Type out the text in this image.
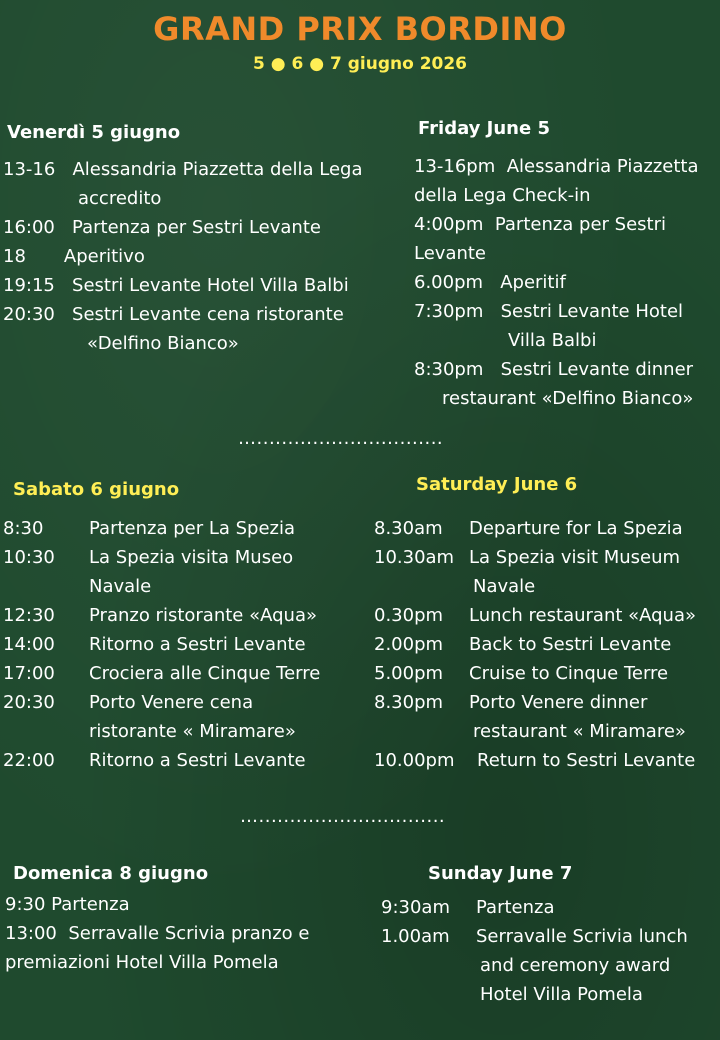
GRAND PRIX BORDINO
5 ● 6 ● 7 giugno 2026
Venerdì 5 giugno	Friday June 5
13-16 Alessandria Piazzetta della Lega
accredito
16:00 Partenza per Sestri Levante
18 Aperitivo
19:15 Sestri Levante Hotel Villa Balbi
20:30 Sestri Levante cena ristorante
«Delfino Bianco»
13-16pm Alessandria Piazzetta
della Lega Check-in
4:00pm Partenza per Sestri
Levante
6.00pm Aperitif
7:30pm Sestri Levante Hotel
Villa Balbi
8:30pm Sestri Levante dinner
restaurant «Delfino Bianco»
…..............................
Sabato 6 giugno	Saturday June 6
8:30	Partenza per La Spezia
10:30 La Spezia visita Museo
Navale
12:30 Pranzo ristorante «Aqua»
14:00 Ritorno a Sestri Levante
17:00 Crociera alle Cinque Terre
20:30 Porto Venere cena
ristorante « Miramare»
22:00 Ritorno a Sestri Levante
8.30am Departure for La Spezia
10.30am La Spezia visit Museum
Navale
0.30pm Lunch restaurant «Aqua»
2.00pm Back to Sestri Levante
5.00pm Cruise to Cinque Terre
8.30pm Porto Venere dinner
restaurant « Miramare»
10.00pm Return to Sestri Levante
…..............................
Domenica 8 giugno	Sunday June 7
9:30 Partenza
13:00 Serravalle Scrivia pranzo e
premiazioni Hotel Villa Pomela
9:30am Partenza
1.00am Serravalle Scrivia lunch
and ceremony award
Hotel Villa Pomela
